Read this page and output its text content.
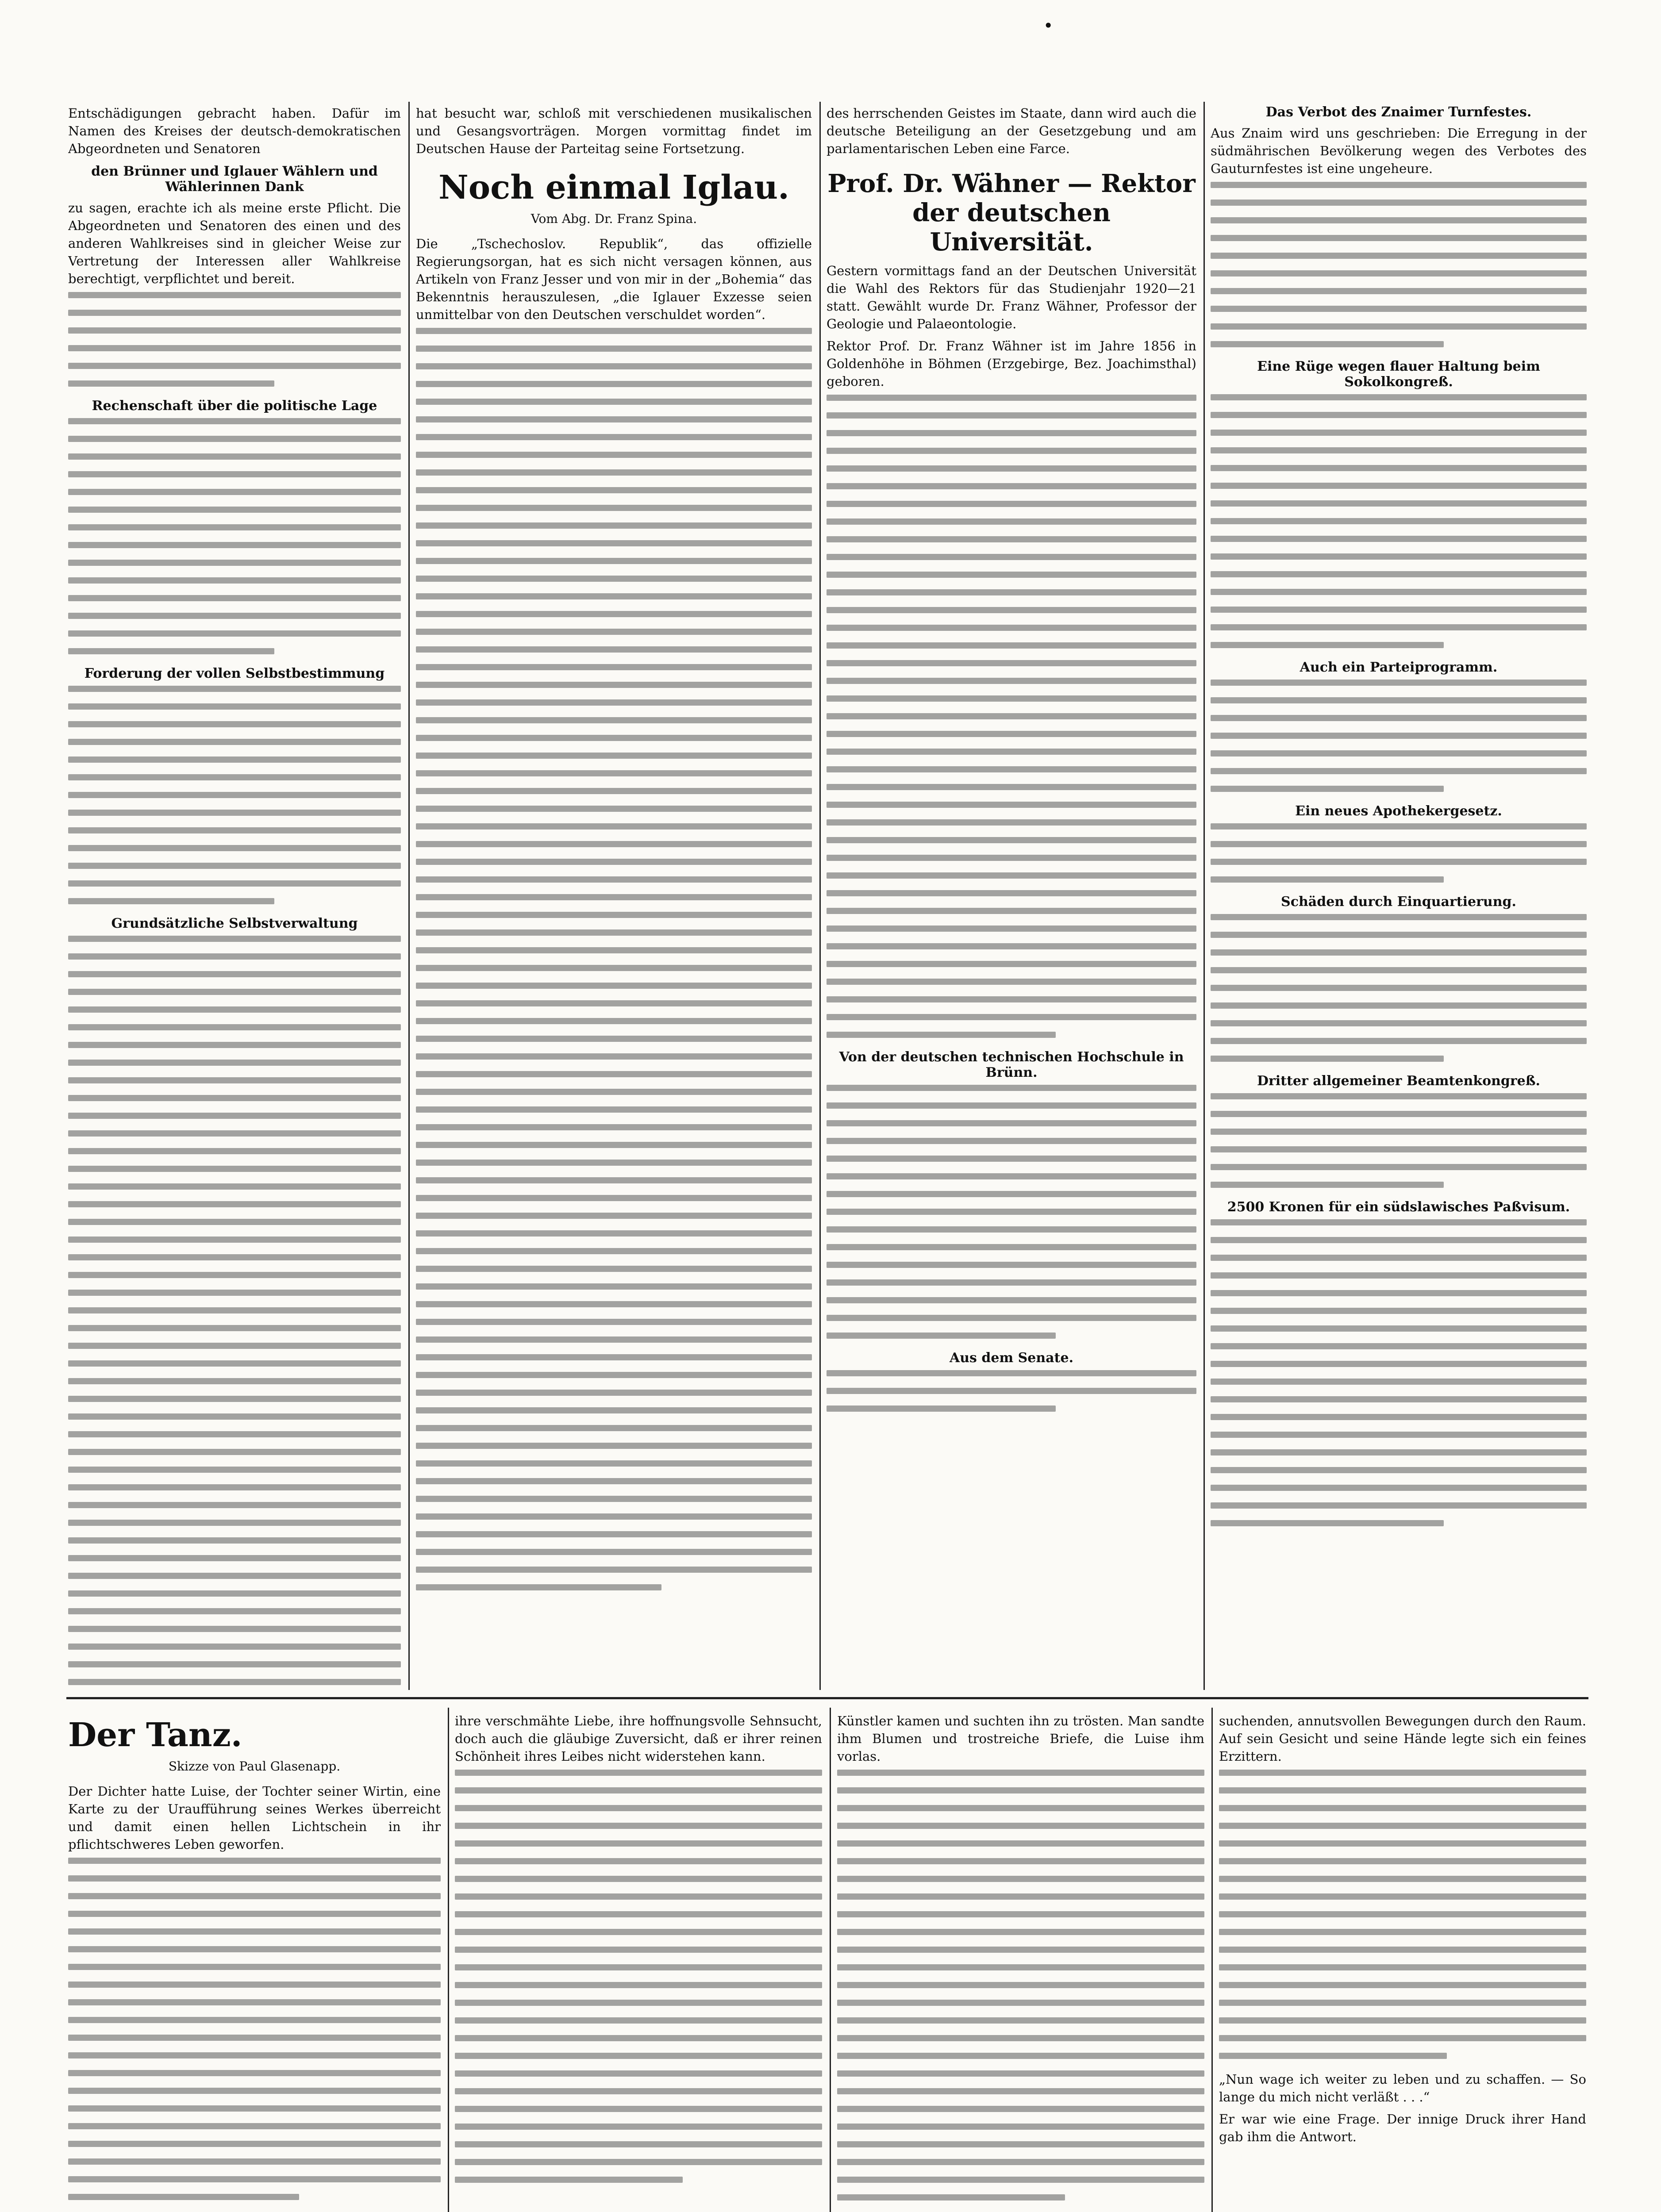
•

Entschädigungen gebracht haben. Dafür im Namen des Kreises der deutsch-demokratischen Abgeordneten und Senatoren

den Brünner und Iglauer Wählern und Wählerinnen Dank

zu sagen, erachte ich als meine erste Pflicht. Die Abgeordneten und Senatoren des einen und des anderen Wahlkreises sind in gleicher Weise zur Vertretung der Interessen aller Wahlkreise berechtigt, verpflichtet und bereit.

Rechenschaft über die politische Lage
Forderung der vollen Selbstbestimmung
Grundsätzliche Selbstverwaltung

hat besucht war, schloß mit verschiedenen musikalischen und Gesangsvorträgen. Morgen vormittag findet im Deutschen Hause der Parteitag seine Fortsetzung.

Noch einmal Iglau.
Vom Abg. Dr. Franz Spina.

Die „Tschechoslov. Republik“, das offizielle Regierungsorgan, hat es sich nicht versagen können, aus Artikeln von Franz Jesser und von mir in der „Bohemia“ das Bekenntnis herauszulesen, „die Iglauer Exzesse seien unmittelbar von den Deutschen verschuldet worden“.

des herrschenden Geistes im Staate, dann wird auch die deutsche Beteiligung an der Gesetzgebung und am parlamentarischen Leben eine Farce.

Prof. Dr. Wähner — Rektor der deutschen Universität.

Gestern vormittags fand an der Deutschen Universität die Wahl des Rektors für das Studienjahr 1920—21 statt. Gewählt wurde Dr. Franz Wähner, Professor der Geologie und Palaeontologie.

Rektor Prof. Dr. Franz Wähner ist im Jahre 1856 in Goldenhöhe in Böhmen (Erzgebirge, Bez. Joachimsthal) geboren.

Von der deutschen technischen Hochschule in Brünn.
Aus dem Senate.
Das Verbot des Znaimer Turnfestes.

Aus Znaim wird uns geschrieben: Die Erregung in der südmährischen Bevölkerung wegen des Verbotes des Gauturnfestes ist eine ungeheure.

Eine Rüge wegen flauer Haltung beim Sokolkongreß.
Auch ein Parteiprogramm.
Ein neues Apothekergesetz.
Schäden durch Einquartierung.
Dritter allgemeiner Beamtenkongreß.
2500 Kronen für ein südslawisches Paßvisum.
Der Tanz.
Skizze von Paul Glasenapp.

Der Dichter hatte Luise, der Tochter seiner Wirtin, eine Karte zu der Uraufführung seines Werkes überreicht und damit einen hellen Lichtschein in ihr pflichtschweres Leben geworfen.

ihre verschmähte Liebe, ihre hoffnungsvolle Sehnsucht, doch auch die gläubige Zuversicht, daß er ihrer reinen Schönheit ihres Leibes nicht widerstehen kann.

Künstler kamen und suchten ihn zu trösten. Man sandte ihm Blumen und trostreiche Briefe, die Luise ihm vorlas.

suchenden, annutsvollen Bewegungen durch den Raum. Auf sein Gesicht und seine Hände legte sich ein feines Erzittern.

„Nun wage ich weiter zu leben und zu schaffen. — So lange du mich nicht verläßt . . .“

Er war wie eine Frage. Der innige Druck ihrer Hand gab ihm die Antwort.
